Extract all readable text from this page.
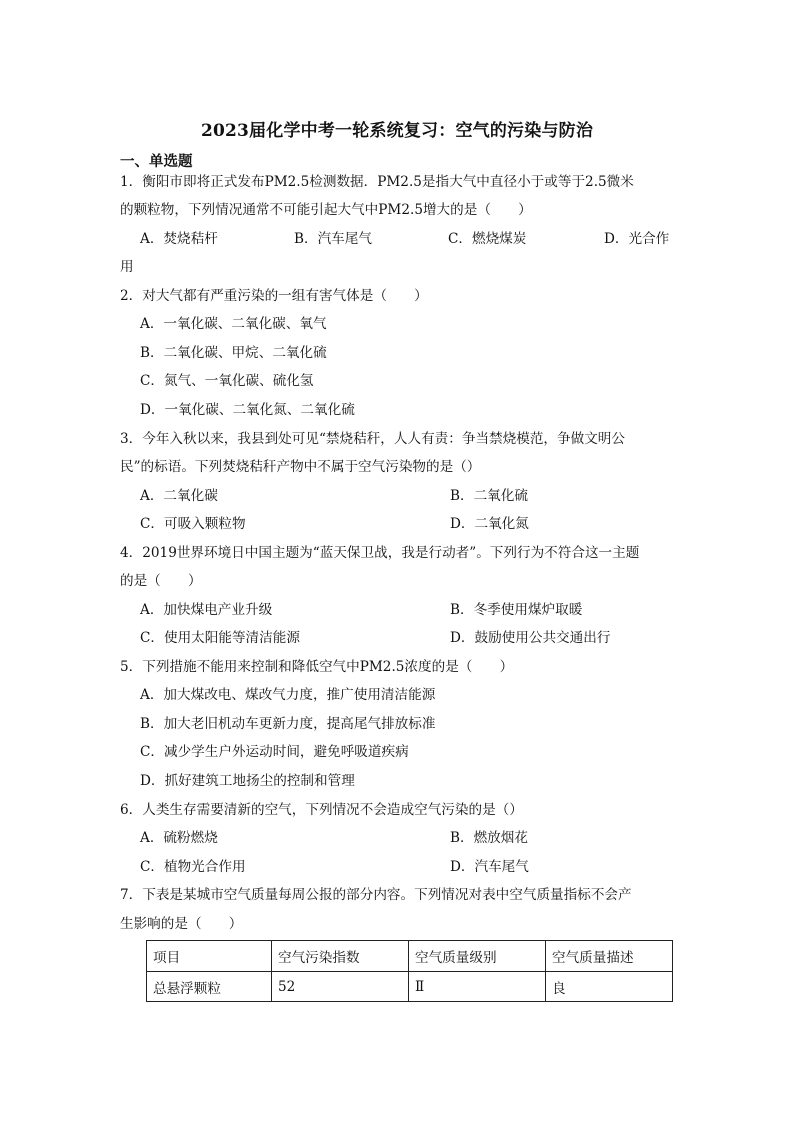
2023届化学中考一轮系统复习：空气的污染与防治
一、单选题
1．衡阳市即将正式发布PM2.5检测数据．PM2.5是指大气中直径小于或等于2.5微米
的颗粒物，下列情况通常不可能引起大气中PM2.5增大的是（　　）
A．焚烧秸杆	B．汽车尾气	C．燃烧煤炭	D．光合作
用
2．对大气都有严重污染的一组有害气体是（　　）
A．一氧化碳、二氧化碳、氧气
B．二氧化碳、甲烷、二氧化硫
C．氮气、一氧化碳、硫化氢
D．一氧化碳、二氧化氮、二氧化硫
3．今年入秋以来，我县到处可见“禁烧秸秆，人人有责：争当禁烧模范，争做文明公
民”的标语。下列焚烧秸秆产物中不属于空气污染物的是（）
A．二氧化碳	B．二氧化硫
C．可吸入颗粒物	D．二氧化氮
4．2019世界环境日中国主题为“蓝天保卫战，我是行动者”。下列行为不符合这一主题
的是（　　）
A．加快煤电产业升级	B．冬季使用煤炉取暖
C．使用太阳能等清洁能源	D．鼓励使用公共交通出行
5．下列措施不能用来控制和降低空气中PM2.5浓度的是（　　）
A．加大煤改电、煤改气力度，推广使用清洁能源
B．加大老旧机动车更新力度，提高尾气排放标准
C．减少学生户外运动时间，避免呼吸道疾病
D．抓好建筑工地扬尘的控制和管理
6．人类生存需要清新的空气，下列情况不会造成空气污染的是（）
A．硫粉燃烧	B．燃放烟花
C．植物光合作用	D．汽车尾气
7．下表是某城市空气质量每周公报的部分内容。下列情况对表中空气质量指标不会产
生影响的是（　　）
项目	空气污染指数	空气质量级别	空气质量描述
总悬浮颗粒	52	Ⅱ	良
